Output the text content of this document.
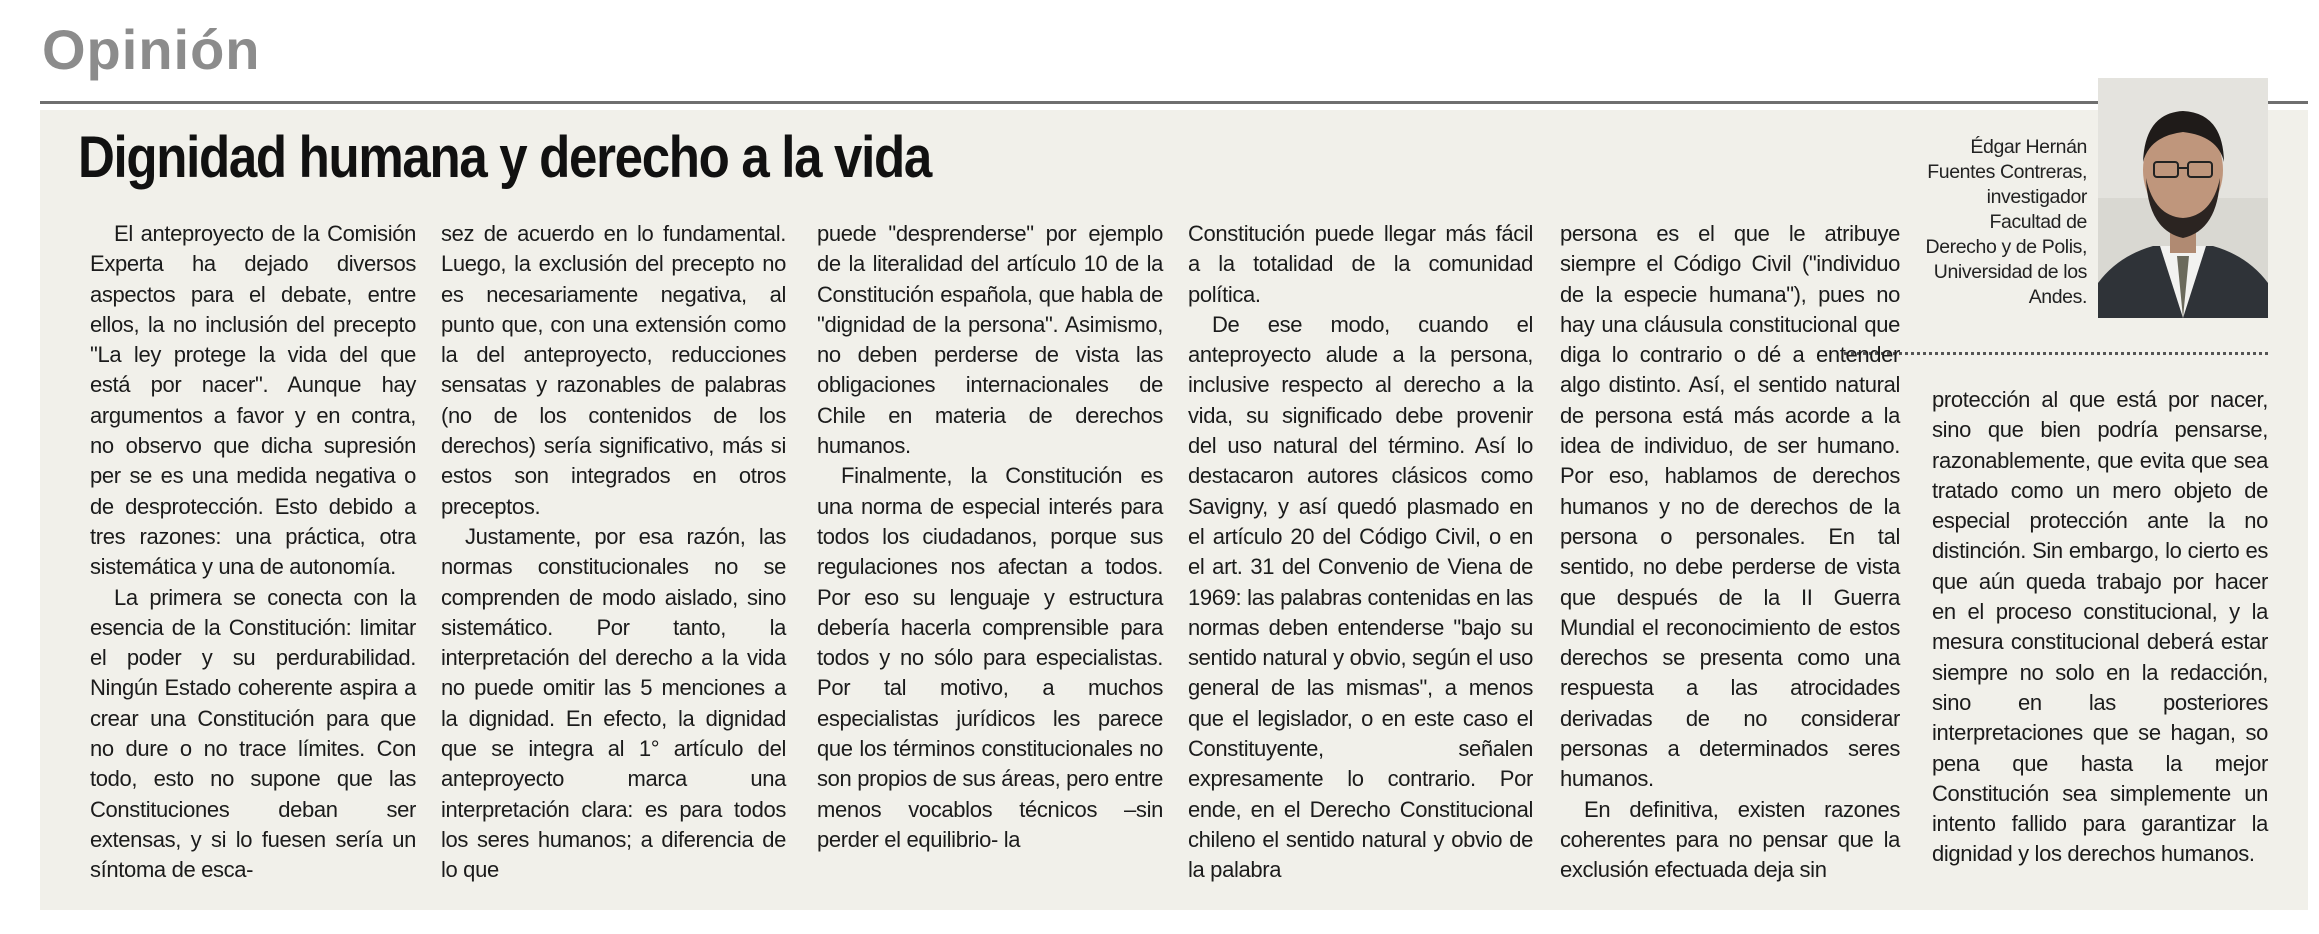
Opinión
Dignidad humana y derecho a la vida	Édgar Hernán
Fuentes Contreras,
investigador
Facultad de
Derecho y de Polis,
Universidad de los
Andes.

El anteproyecto de la Comisión Experta ha dejado diversos aspectos para el debate, entre ellos, la no inclusión del precepto "La ley protege la vida del que está por nacer". Aunque hay argumentos a favor y en contra, no observo que dicha supresión per se es una medida negativa o de desprotección. Esto debido a tres razones: una práctica, otra sistemática y una de autonomía.

La primera se conecta con la esencia de la Constitución: limitar el poder y su perdurabilidad. Ningún Estado coherente aspira a crear una Constitución para que no dure o no trace límites. Con todo, esto no supone que las Constituciones deban ser extensas, y si lo fuesen sería un síntoma de esca-

sez de acuerdo en lo fundamental. Luego, la exclusión del precepto no es necesariamente negativa, al punto que, con una extensión como la del anteproyecto, reducciones sensatas y razonables de palabras (no de los contenidos de los derechos) sería significativo, más si estos son integrados en otros preceptos.

Justamente, por esa razón, las normas constitucionales no se comprenden de modo aislado, sino sistemático. Por tanto, la interpretación del derecho a la vida no puede omitir las 5 menciones a la dignidad. En efecto, la dignidad que se integra al 1° artículo del anteproyecto marca una interpretación clara: es para todos los seres humanos; a diferencia de lo que

puede "desprenderse" por ejemplo de la literalidad del artículo 10 de la Constitución española, que habla de "dignidad de la persona". Asimismo, no deben perderse de vista las obligaciones internacionales de Chile en materia de derechos humanos.

Finalmente, la Constitución es una norma de especial interés para todos los ciudadanos, porque sus regulaciones nos afectan a todos. Por eso su lenguaje y estructura debería hacerla comprensible para todos y no sólo para especialistas. Por tal motivo, a muchos especialistas jurídicos les parece que los términos constitucionales no son propios de sus áreas, pero entre menos vocablos técnicos –sin perder el equilibrio- la

Constitución puede llegar más fácil a la totalidad de la comunidad política.

De ese modo, cuando el anteproyecto alude a la persona, inclusive respecto al derecho a la vida, su significado debe provenir del uso natural del término. Así lo destacaron autores clásicos como Savigny, y así quedó plasmado en el artículo 20 del Código Civil, o en el art. 31 del Convenio de Viena de 1969: las palabras contenidas en las normas deben entenderse "bajo su sentido natural y obvio, según el uso general de las mismas", a menos que el legislador, o en este caso el Constituyente, señalen expresamente lo contrario. Por ende, en el Derecho Constitucional chileno el sentido natural y obvio de la palabra

persona es el que le atribuye siempre el Código Civil ("individuo de la especie humana"), pues no hay una cláusula constitucional que diga lo contrario o dé a entender algo distinto. Así, el sentido natural de persona está más acorde a la idea de individuo, de ser humano. Por eso, hablamos de derechos humanos y no de derechos de la persona o personales. En tal sentido, no debe perderse de vista que después de la II Guerra Mundial el reconocimiento de estos derechos se presenta como una respuesta a las atrocidades derivadas de no considerar personas a determinados seres humanos.

En definitiva, existen razones coherentes para no pensar que la exclusión efectuada deja sin

protección al que está por nacer, sino que bien podría pensarse, razonablemente, que evita que sea tratado como un mero objeto de especial protección ante la no distinción. Sin embargo, lo cierto es que aún queda trabajo por hacer en el proceso constitucional, y la mesura constitucional deberá estar siempre no solo en la redacción, sino en las posteriores interpretaciones que se hagan, so pena que hasta la mejor Constitución sea simplemente un intento fallido para garantizar la dignidad y los derechos humanos.
